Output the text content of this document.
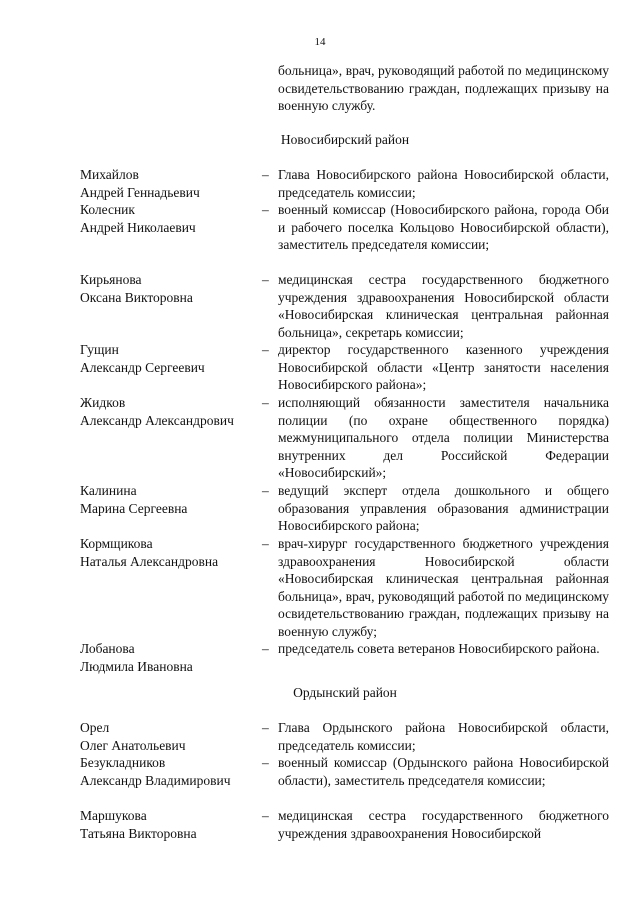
14
больница», врач, руководящий работой по медицинскому освидетельствованию граждан, подлежащих призыву на военную службу.
Новосибирский район
Михайлов
Андрей Геннадьевич
– Глава Новосибирского района Новосибирской области, председатель комиссии;
Колесник
Андрей Николаевич
– военный комиссар (Новосибирского района, города Оби и рабочего поселка Кольцово Новосибирской области), заместитель председателя комиссии;
Кирьянова
Оксана Викторовна
– медицинская сестра государственного бюджетного учреждения здравоохранения Новосибирской области «Новосибирская клиническая центральная районная больница», секретарь комиссии;
Гущин
Александр Сергеевич
– директор государственного казенного учреждения Новосибирской области «Центр занятости населения Новосибирского района»;
Жидков
Александр Александрович
– исполняющий обязанности заместителя начальника полиции (по охране общественного порядка) межмуниципального отдела полиции Министерства внутренних дел Российской Федерации «Новосибирский»;
Калинина
Марина Сергеевна
– ведущий эксперт отдела дошкольного и общего образования управления образования администрации Новосибирского района;
Кормщикова
Наталья Александровна
– врач-хирург государственного бюджетного учреждения здравоохранения Новосибирской области «Новосибирская клиническая центральная районная больница», врач, руководящий работой по медицинскому освидетельствованию граждан, подлежащих призыву на военную службу;
Лобанова
Людмила Ивановна
– председатель совета ветеранов Новосибирского района.
Ордынский район
Орел
Олег Анатольевич
– Глава Ордынского района Новосибирской области, председатель комиссии;
Безукладников
Александр Владимирович
– военный комиссар (Ордынского района Новосибирской области), заместитель председателя комиссии;
Маршукова
Татьяна Викторовна
– медицинская сестра государственного бюджетного учреждения здравоохранения Новосибирской
